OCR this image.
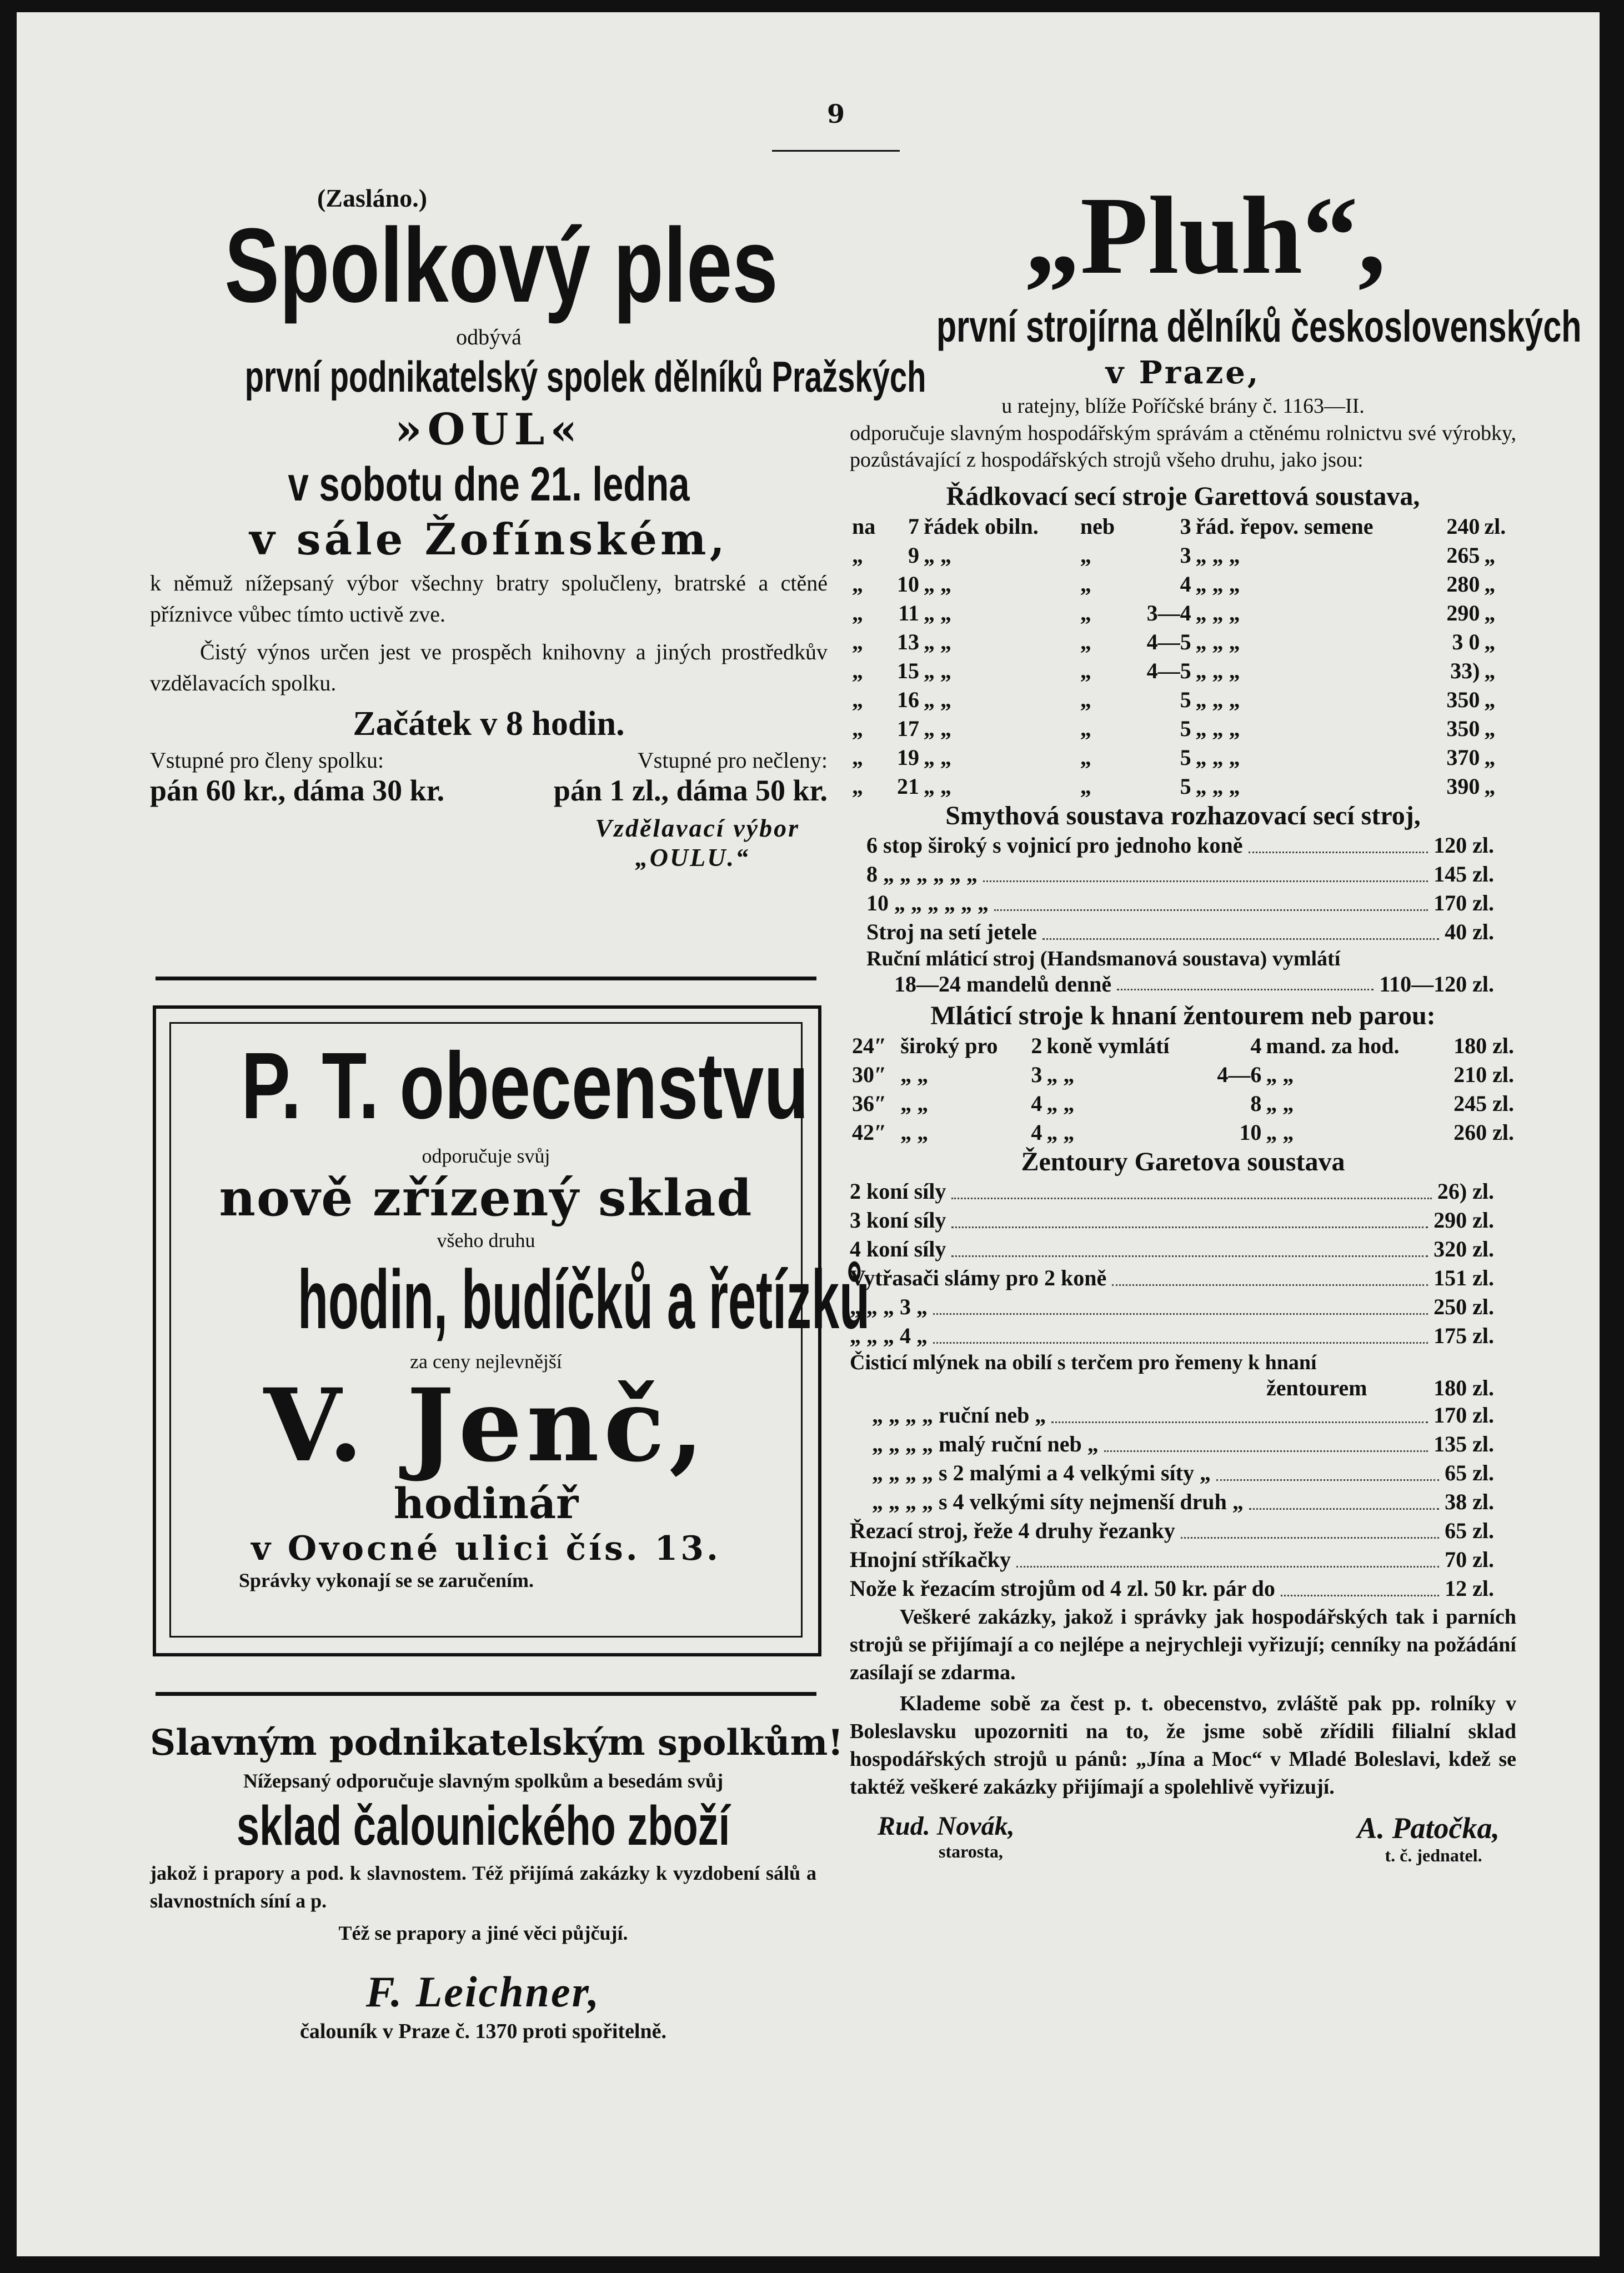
9
(Zasláno.)
Spolkový ples
odbývá
první podnikatelský spolek dělníků Pražských
»OUL«
v sobotu dne 21. ledna
v sále Žofínském,
k němuž nížepsaný výbor všechny bratry spolučleny, bratrské a ctěné příznivce vůbec tímto uctivě zve.
Čistý výnos určen jest ve prospěch knihovny a jiných prostředkův vzdělavacích spolku.
Začátek v 8 hodin.
Vstupné pro členy spolku:	Vstupné pro nečleny:
pán 60 kr., dáma 30 kr.	pán 1 zl., dáma 50 kr.
Vzdělavací výbor
„OULU.“
P. T. obecenstvu
odporučuje svůj
nově zřízený sklad
všeho druhu
hodin, budíčků a řetízků
za ceny nejlevnější
V. Jenč,
hodinář
v Ovocné ulici čís. 13.
Správky vykonají se se zaručením.
Slavným podnikatelským spolkům!
Nížepsaný odporučuje slavným spolkům a besedám svůj
sklad čalounického zboží
jakož i prapory a pod. k slavnostem. Též přijímá zakázky k vyzdobení sálů a slavnostních síní a p.
Též se prapory a jiné věci půjčují.
F. Leichner,
čalouník v Praze č. 1370 proti spořitelně.
„Pluh“,
první strojírna dělníků československých
v Praze,
u ratejny, blíže Poříčské brány č. 1163—II.
odporučuje slavným hospodářským správám a ctěnému rolnictvu své výrobky, pozůstávající z hospodářských strojů všeho druhu, jako jsou:
Řádkovací secí stroje Garettová soustava,
na	7	řádek obiln.	neb	3	řád. řepov. semene	240	zl.
„	9	„ „	„	3	„ „ „	265	„
„	10	„ „	„	4	„ „ „	280	„
„	11	„ „	„	3—4	„ „ „	290	„
„	13	„ „	„	4—5	„ „ „	3 0	„
„	15	„ „	„	4—5	„ „ „	33)	„
„	16	„ „	„	5	„ „ „	350	„
„	17	„ „	„	5	„ „ „	350	„
„	19	„ „	„	5	„ „ „	370	„
„	21	„ „	„	5	„ „ „	390	„
Smythová soustava rozhazovací secí stroj,
6 stop široký s vojnicí pro jednoho koně	120 zl.
8 „ „ „ „ „ „	145 zl.
10 „ „ „ „ „ „	170 zl.
Stroj na setí jetele	40 zl.
Ruční mláticí stroj (Handsmanová soustava) vymlátí
18—24 mandelů denně	110—120 zl.
Mláticí stroje k hnaní žentourem neb parou:
24″	široký pro	2	koně vymlátí	4	mand. za hod.	180 zl.
30″	„ „	3	„ „	4—6	„ „	210 zl.
36″	„ „	4	„ „	8	„ „	245 zl.
42″	„ „	4	„ „	10	„ „	260 zl.
Žentoury Garetova soustava
2 koní síly	26) zl.
3 koní síly	290 zl.
4 koní síly	320 zl.
Vytřasači slámy pro 2 koně	151 zl.
„ „ „ 3 „	250 zl.
„ „ „ 4 „	175 zl.
Čisticí mlýnek na obilí s terčem pro řemeny k hnaní
žentourem	180 zl.
„ „ „ „ ruční neb „	170 zl.
„ „ „ „ malý ruční neb „	135 zl.
„ „ „ „ s 2 malými a 4 velkými síty „	65 zl.
„ „ „ „ s 4 velkými síty nejmenší druh „	38 zl.
Řezací stroj, řeže 4 druhy řezanky	65 zl.
Hnojní stříkačky	70 zl.
Nože k řezacím strojům od 4 zl. 50 kr. pár do	12 zl.
Veškeré zakázky, jakož i správky jak hospodářských tak i parních strojů se přijímají a co nejlépe a nejrychleji vyřizují; cenníky na požádání zasílají se zdarma.
Klademe sobě za čest p. t. obecenstvo, zvláště pak pp. rolníky v Boleslavsku upozorniti na to, že jsme sobě zřídili filialní sklad hospodářských strojů u pánů: „Jína a Moc“ v Mladé Boleslavi, kdež se taktéž veškeré zakázky přijímají a spolehlivě vyřizují.
Rud. Novák,
starosta,
A. Patočka,
t. č. jednatel.
